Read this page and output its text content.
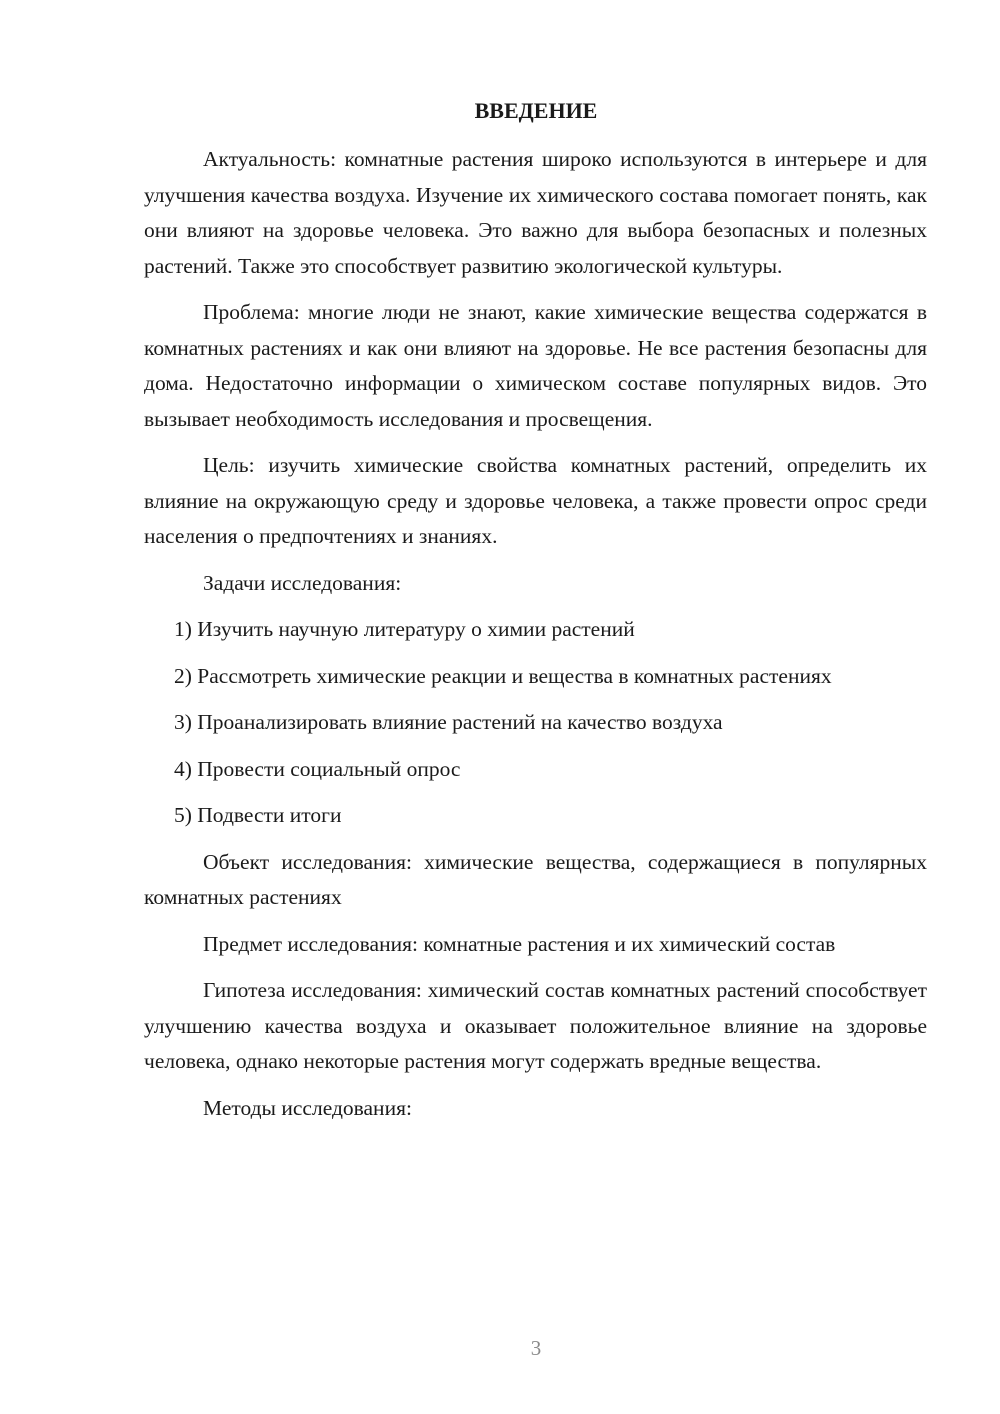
ВВЕДЕНИЕ

Актуальность: комнатные растения широко используются в интерьере и для улучшения качества воздуха. Изучение их химического состава помогает понять, как они влияют на здоровье человека. Это важно для выбора безопасных и полезных растений. Также это способствует развитию экологической культуры.

Проблема: многие люди не знают, какие химические вещества содержатся в комнатных растениях и как они влияют на здоровье. Не все растения безопасны для дома. Недостаточно информации о химическом составе популярных видов. Это вызывает необходимость исследования и просвещения.

Цель: изучить химические свойства комнатных растений, определить их влияние на окружающую среду и здоровье человека, а также провести опрос среди населения о предпочтениях и знаниях.

Задачи исследования:

1) Изучить научную литературу о химии растений

2) Рассмотреть химические реакции и вещества в комнатных растениях

3) Проанализировать влияние растений на качество воздуха

4) Провести социальный опрос

5) Подвести итоги

Объект исследования: химические вещества, содержащиеся в популярных комнатных растениях

Предмет исследования: комнатные растения и их химический состав

Гипотеза исследования: химический состав комнатных растений способствует улучшению качества воздуха и оказывает положительное влияние на здоровье человека, однако некоторые растения могут содержать вредные вещества.

Методы исследования:

3
